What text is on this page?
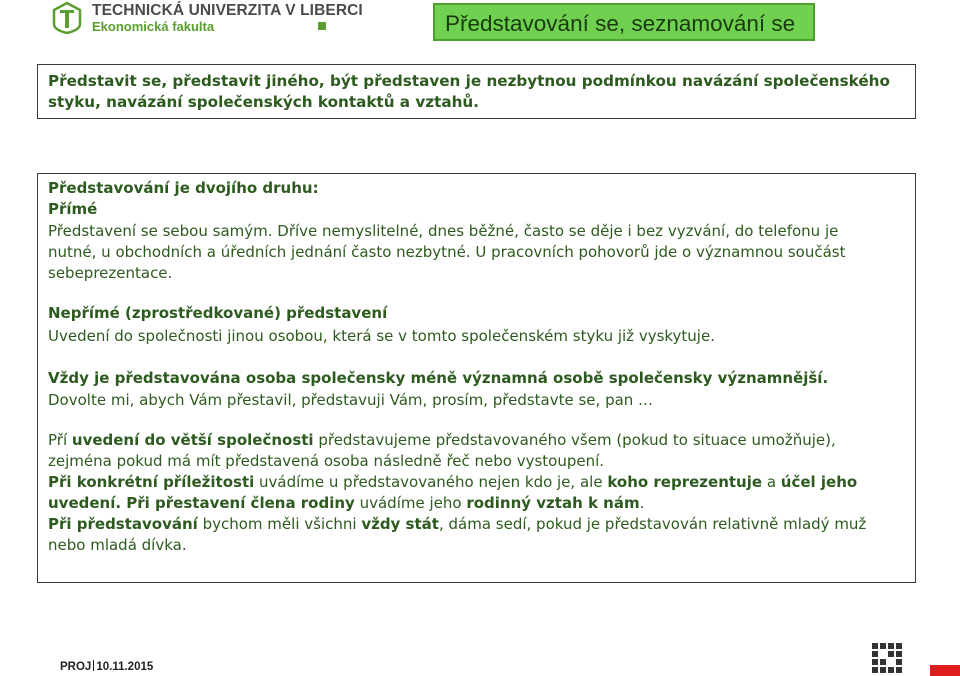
TECHNICKÁ UNIVERZITA V LIBERCI
Ekonomická fakulta	Představování se, seznamování se

Představit se, představit jiného, být představen je nezbytnou podmínkou navázání společenského styku, navázání společenských kontaktů a vztahů.

Představování je dvojího druhu:
Přímé
Představení se sebou samým. Dříve nemyslitelné, dnes běžné, často se děje i bez vyzvání, do telefonu je
nutné, u obchodních a úředních jednání často nezbytné. U pracovních pohovorů jde o významnou součást
sebeprezentace.
Nepřímé (zprostředkované) představení
Uvedení do společnosti jinou osobou, která se v tomto společenském styku již vyskytuje.
Vždy je představována osoba společensky méně významná osobě společensky významnější.
Dovolte mi, abych Vám přestavil, představuji Vám, prosím, představte se, pan …
Pří uvedení do větší společnosti představujeme představovaného všem (pokud to situace umožňuje),
zejména pokud má mít představená osoba následně řeč nebo vystoupení.
Při konkrétní příležitosti uvádíme u představovaného nejen kdo je, ale koho reprezentuje a účel jeho
uvedení. Při přestavení člena rodiny uvádíme jeho rodinný vztah k nám.
Při představování bychom měli všichni vždy stát, dáma sedí, pokud je představován relativně mladý muž
nebo mladá dívka.
PROJ 10.11.2015
